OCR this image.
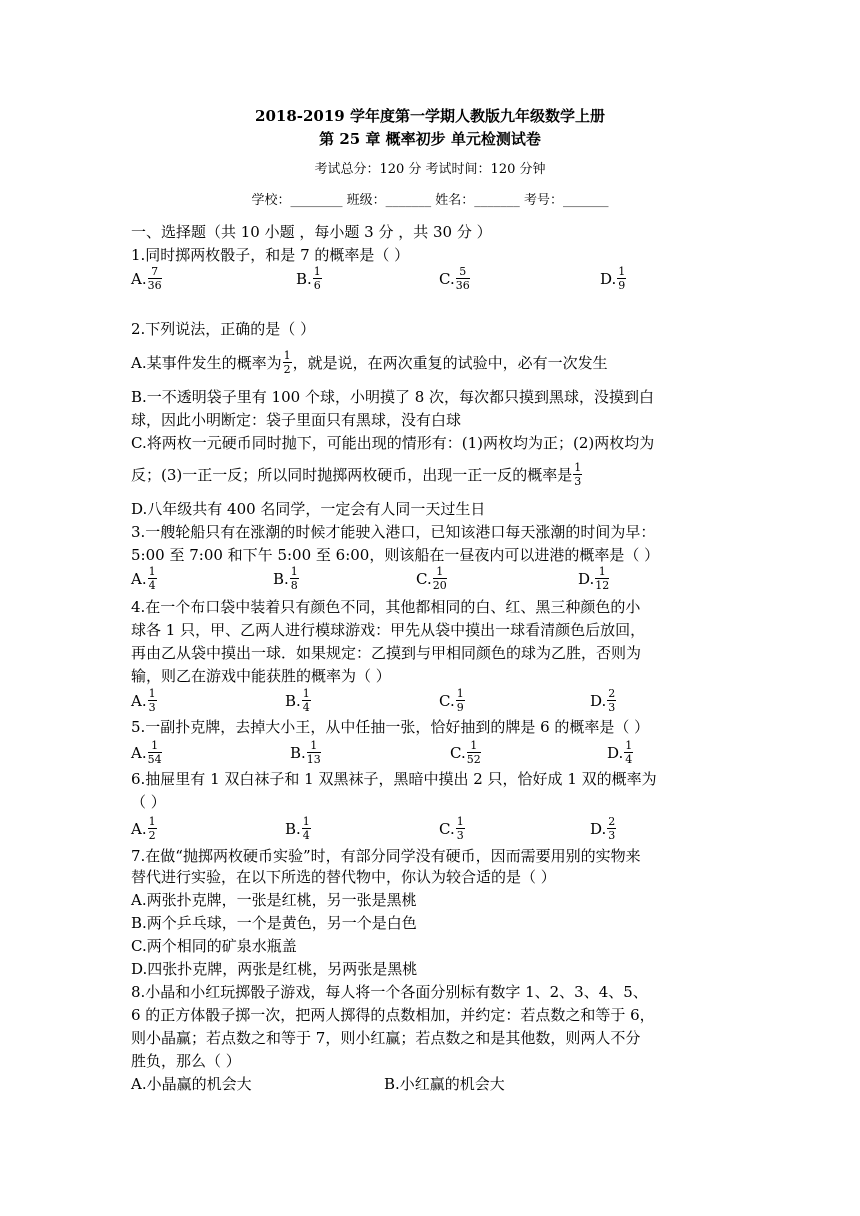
2018-2019 学年度第一学期人教版九年级数学上册
第 25 章 概率初步 单元检测试卷
考试总分：120 分 考试时间：120 分钟
学校：________ 班级：_______ 姓名：_______ 考号：_______
一、选择题（共 10 小题 ，每小题 3 分 ，共 30 分 ）
1.同时掷两枚骰子，和是 7 的概率是（ ）
A. $\frac{7}{36}$	B. $\frac{1}{6}$	C. $\frac{5}{36}$	D. $\frac{1}{9}$
2.下列说法，正确的是（ ）
A.某事件发生的概率为 $\frac{1}{2}$ ，就是说，在两次重复的试验中，必有一次发生
B.一不透明袋子里有 100 个球，小明摸了 8 次，每次都只摸到黑球，没摸到白
球，因此小明断定：袋子里面只有黑球，没有白球
C.将两枚一元硬币同时抛下，可能出现的情形有：(1)两枚均为正；(2)两枚均为
反；(3)一正一反；所以同时抛掷两枚硬币，出现一正一反的概率是 $\frac{1}{3}$
D.八年级共有 400 名同学，一定会有人同一天过生日
3.一艘轮船只有在涨潮的时候才能驶入港口，已知该港口每天涨潮的时间为早：
5:00 至 7:00 和下午 5:00 至 6:00，则该船在一昼夜内可以进港的概率是（ ）
A. $\frac{1}{4}$	B. $\frac{1}{8}$	C. $\frac{1}{20}$	D. $\frac{1}{12}$
4.在一个布口袋中装着只有颜色不同，其他都相同的白、红、黑三种颜色的小
球各 1 只，甲、乙两人进行模球游戏：甲先从袋中摸出一球看清颜色后放回，
再由乙从袋中摸出一球．如果规定：乙摸到与甲相同颜色的球为乙胜，否则为
输，则乙在游戏中能获胜的概率为（ ）
A. $\frac{1}{3}$	B. $\frac{1}{4}$	C. $\frac{1}{9}$	D. $\frac{2}{3}$
5.一副扑克牌，去掉大小王，从中任抽一张，恰好抽到的牌是 6 的概率是（ ）
A. $\frac{1}{54}$	B. $\frac{1}{13}$	C. $\frac{1}{52}$	D. $\frac{1}{4}$
6.抽屉里有 1 双白袜子和 1 双黑袜子，黑暗中摸出 2 只，恰好成 1 双的概率为
（ ）
A. $\frac{1}{2}$	B. $\frac{1}{4}$	C. $\frac{1}{3}$	D. $\frac{2}{3}$
7.在做“抛掷两枚硬币实验”时，有部分同学没有硬币，因而需要用别的实物来
替代进行实验，在以下所选的替代物中，你认为较合适的是（ ）
A.两张扑克牌，一张是红桃，另一张是黑桃
B.两个乒乓球，一个是黄色，另一个是白色
C.两个相同的矿泉水瓶盖
D.四张扑克牌，两张是红桃，另两张是黑桃
8.小晶和小红玩掷骰子游戏，每人将一个各面分别标有数字 1、2、3、4、5、
6 的正方体骰子掷一次，把两人掷得的点数相加，并约定：若点数之和等于 6，
则小晶赢；若点数之和等于 7，则小红赢；若点数之和是其他数，则两人不分
胜负，那么（ ）
A.小晶赢的机会大	B.小红赢的机会大
